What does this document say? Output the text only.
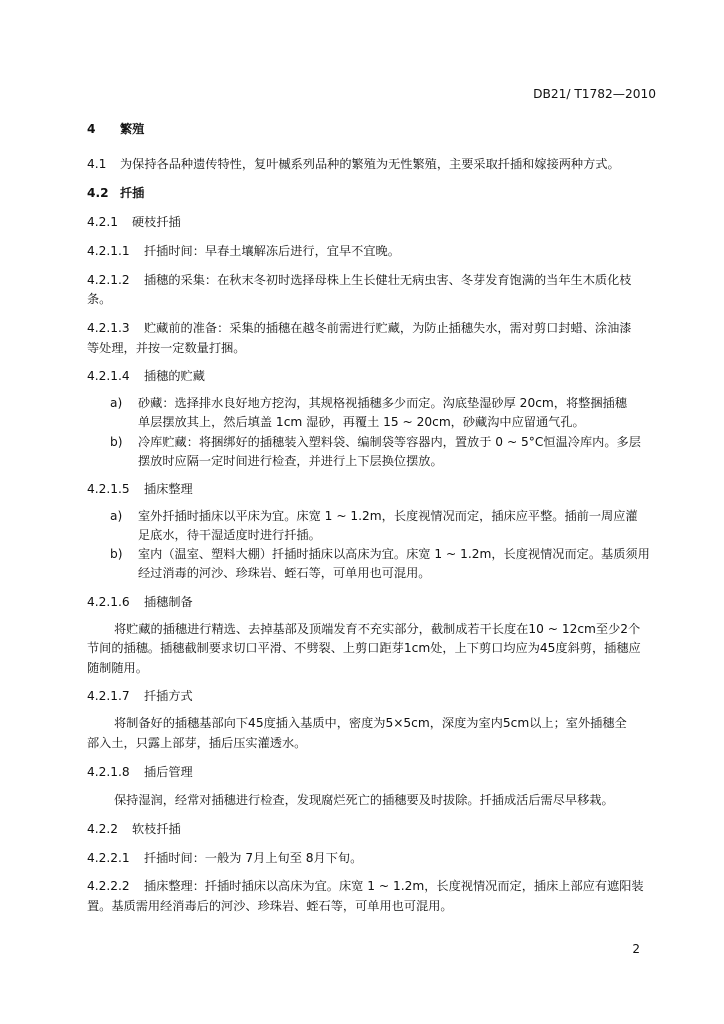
DB21/ T1782—2010
4 繁殖
4.1 为保持各品种遗传特性，复叶槭系列品种的繁殖为无性繁殖，主要采取扦插和嫁接两种方式。
4.2 扦插
4.2.1 硬枝扦插
4.2.1.1 扦插时间：早春土壤解冻后进行，宜早不宜晚。
4.2.1.2 插穗的采集：在秋末冬初时选择母株上生长健壮无病虫害、冬芽发育饱满的当年生木质化枝
条。
4.2.1.3 贮藏前的准备：采集的插穗在越冬前需进行贮藏，为防止插穗失水，需对剪口封蜡、涂油漆
等处理，并按一定数量打捆。
4.2.1.4 插穗的贮藏
a) 砂藏：选择排水良好地方挖沟，其规格视插穗多少而定。沟底垫湿砂厚 20cm，将整捆插穗
单层摆放其上，然后填盖 1cm 湿砂，再覆土 15 ~ 20cm，砂藏沟中应留通气孔。
b) 冷库贮藏：将捆绑好的插穗装入塑料袋、编制袋等容器内，置放于 0 ~ 5°C恒温冷库内。多层
摆放时应隔一定时间进行检查，并进行上下层换位摆放。
4.2.1.5 插床整理
a) 室外扦插时插床以平床为宜。床宽 1 ~ 1.2m，长度视情况而定，插床应平整。插前一周应灌
足底水，待干湿适度时进行扦插。
b) 室内（温室、塑料大棚）扦插时插床以高床为宜。床宽 1 ~ 1.2m，长度视情况而定。基质须用
经过消毒的河沙、珍珠岩、蛭石等，可单用也可混用。
4.2.1.6 插穗制备
将贮藏的插穗进行精选、去掉基部及顶端发育不充实部分，截制成若干长度在10 ~ 12cm至少2个
节间的插穗。插穗截制要求切口平滑、不劈裂、上剪口距芽1cm处，上下剪口均应为45度斜剪，插穗应
随制随用。
4.2.1.7 扦插方式
将制备好的插穗基部向下45度插入基质中，密度为5×5cm，深度为室内5cm以上；室外插穗全
部入土，只露上部芽，插后压实灌透水。
4.2.1.8 插后管理
保持湿润，经常对插穗进行检查，发现腐烂死亡的插穗要及时拔除。扦插成活后需尽早移栽。
4.2.2 软枝扦插
4.2.2.1 扦插时间：一般为 7月上旬至 8月下旬。
4.2.2.2 插床整理：扦插时插床以高床为宜。床宽 1 ~ 1.2m，长度视情况而定，插床上部应有遮阳装
置。基质需用经消毒后的河沙、珍珠岩、蛭石等，可单用也可混用。
2
